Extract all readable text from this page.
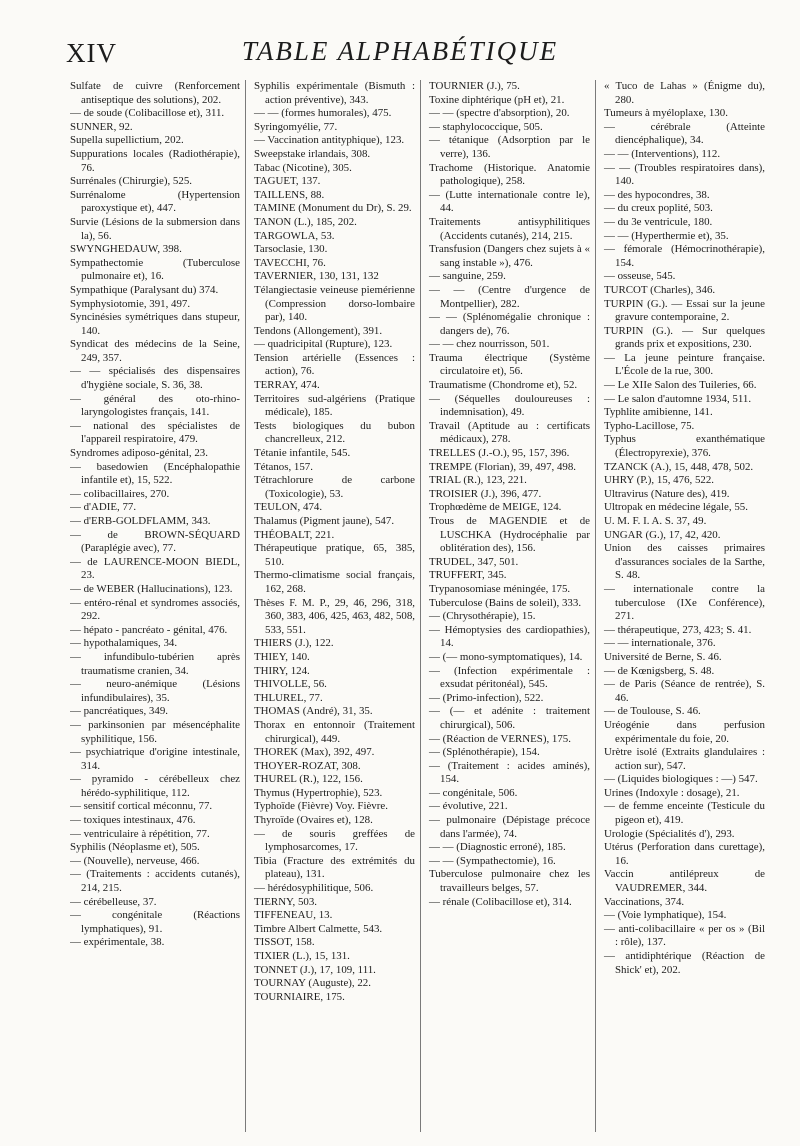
XIV	TABLE ALPHABÉTIQUE

Sulfate de cuivre (Renforcement antiseptique des solutions), 202.

— de soude (Colibacillose et), 311.

SUNNER, 92.

Supella supellictium, 202.

Suppurations locales (Radiothérapie), 76.

Surrénales (Chirurgie), 525.

Surrénalome (Hypertension paroxystique et), 447.

Survie (Lésions de la submersion dans la), 56.

SWYNGHEDAUW, 398.

Sympathectomie (Tuberculose pulmonaire et), 16.

Sympathique (Paralysant du) 374.

Symphysiotomie, 391, 497.

Syncinésies symétriques dans stupeur, 140.

Syndicat des médecins de la Seine, 249, 357.

— — spécialisés des dispensaires d'hygiène sociale, S. 36, 38.

— général des oto-rhino-laryngologistes français, 141.

— national des spécialistes de l'appareil respiratoire, 479.

Syndromes adiposo-génital, 23.

— basedowien (Encéphalopathie infantile et), 15, 522.

— colibacillaires, 270.

— d'ADIE, 77.

— d'ERB-GOLDFLAMM, 343.

— de BROWN-SÉQUARD (Paraplégie avec), 77.

— de LAURENCE-MOON BIEDL, 23.

— de WEBER (Hallucinations), 123.

— entéro-rénal et syndromes associés, 292.

— hépato - pancréato - génital, 476.

— hypothalamiques, 34.

— infundibulo-tubérien après traumatisme cranien, 34.

— neuro-anémique (Lésions infundibulaires), 35.

— pancréatiques, 349.

— parkinsonien par mésencéphalite syphilitique, 156.

— psychiatrique d'origine intestinale, 314.

— pyramido - cérébelleux chez hérédo-syphilitique, 112.

— sensitif cortical méconnu, 77.

— toxiques intestinaux, 476.

— ventriculaire à répétition, 77.

Syphilis (Néoplasme et), 505.

— (Nouvelle), nerveuse, 466.

— (Traitements : accidents cutanés), 214, 215.

— cérébelleuse, 37.

— congénitale (Réactions lymphatiques), 91.

— expérimentale, 38.

Syphilis expérimentale (Bismuth : action préventive), 343.

— — (formes humorales), 475.

Syringomyélie, 77.

— Vaccination antityphique), 123.

Sweepstake irlandais, 308.

Tabac (Nicotine), 305.

TAGUET, 137.

TAILLENS, 88.

TAMINE (Monument du Dr), S. 29.

TANON (L.), 185, 202.

TARGOWLA, 53.

Tarsoclasie, 130.

TAVECCHI, 76.

TAVERNIER, 130, 131, 132

Télangiectasie veineuse piemérienne (Compression dorso-lombaire par), 140.

Tendons (Allongement), 391.

— quadricipital (Rupture), 123.

Tension artérielle (Essences : action), 76.

TERRAY, 474.

Territoires sud-algériens (Pratique médicale), 185.

Tests biologiques du bubon chancrelleux, 212.

Tétanie infantile, 545.

Tétanos, 157.

Tétrachlorure de carbone (Toxicologie), 53.

TEULON, 474.

Thalamus (Pigment jaune), 547.

THÉOBALT, 221.

Thérapeutique pratique, 65, 385, 510.

Thermo-climatisme social français, 162, 268.

Thèses F. M. P., 29, 46, 296, 318, 360, 383, 406, 425, 463, 482, 508, 533, 551.

THIERS (J.), 122.

THIEY, 140.

THIRY, 124.

THIVOLLE, 56.

THLUREL, 77.

THOMAS (André), 31, 35.

Thorax en entonnoir (Traitement chirurgical), 449.

THOREK (Max), 392, 497.

THOYER-ROZAT, 308.

THUREL (R.), 122, 156.

Thymus (Hypertrophie), 523.

Typhoïde (Fièvre) Voy. Fièvre.

Thyroïde (Ovaires et), 128.

— de souris greffées de lymphosarcomes, 17.

Tibia (Fracture des extrémités du plateau), 131.

— hérédosyphilitique, 506.

TIERNY, 503.

TIFFENEAU, 13.

Timbre Albert Calmette, 543.

TISSOT, 158.

TIXIER (L.), 15, 131.

TONNET (J.), 17, 109, 111.

TOURNAY (Auguste), 22.

TOURNIAIRE, 175.

TOURNIER (J.), 75.

Toxine diphtérique (pH et), 21.

— — (spectre d'absorption), 20.

— staphylococcique, 505.

— tétanique (Adsorption par le verre), 136.

Trachome (Historique. Anatomie pathologique), 258.

— (Lutte internationale contre le), 44.

Traitements antisyphilitiques (Accidents cutanés), 214, 215.

Transfusion (Dangers chez sujets à « sang instable »), 476.

— sanguine, 259.

— — (Centre d'urgence de Montpellier), 282.

— — (Splénomégalie chronique : dangers de), 76.

— — chez nourrisson, 501.

Trauma électrique (Système circulatoire et), 56.

Traumatisme (Chondrome et), 52.

— (Séquelles douloureuses : indemnisation), 49.

Travail (Aptitude au : certificats médicaux), 278.

TRELLES (J.-O.), 95, 157, 396.

TREMPE (Florian), 39, 497, 498.

TRIAL (R.), 123, 221.

TROISIER (J.), 396, 477.

Trophœdème de MEIGE, 124.

Trous de MAGENDIE et de LUSCHKA (Hydrocéphalie par oblitération des), 156.

TRUDEL, 347, 501.

TRUFFERT, 345.

Trypanosomiase méningée, 175.

Tuberculose (Bains de soleil), 333.

— (Chrysothérapie), 15.

— Hémoptysies des cardiopathies), 14.

— (— mono-symptomatiques), 14.

— (Infection expérimentale : exsudat péritonéal), 545.

— (Primo-infection), 522.

— (— et adénite : traitement chirurgical), 506.

— (Réaction de VERNES), 175.

— (Splénothérapie), 154.

— (Traitement : acides aminés), 154.

— congénitale, 506.

— évolutive, 221.

— pulmonaire (Dépistage précoce dans l'armée), 74.

— — (Diagnostic erroné), 185.

— — (Sympathectomie), 16.

Tuberculose pulmonaire chez les travailleurs belges, 57.

— rénale (Colibacillose et), 314.

« Tuco de Lahas » (Énigme du), 280.

Tumeurs à myéloplaxe, 130.

— cérébrale (Atteinte diencéphalique), 34.

— — (Interventions), 112.

— — (Troubles respiratoires dans), 140.

— des hypocondres, 38.

— du creux poplité, 503.

— du 3e ventricule, 180.

— — (Hyperthermie et), 35.

— fémorale (Hémocrinothérapie), 154.

— osseuse, 545.

TURCOT (Charles), 346.

TURPIN (G.). — Essai sur la jeune gravure contemporaine, 2.

TURPIN (G.). — Sur quelques grands prix et expositions, 230.

— La jeune peinture française. L'École de la rue, 300.

— Le XIIe Salon des Tuileries, 66.

— Le salon d'automne 1934, 511.

Typhlite amibienne, 141.

Typho-Lacillose, 75.

Typhus exanthématique (Électropyrexie), 376.

TZANCK (A.), 15, 448, 478, 502.

UHRY (P.), 15, 476, 522.

Ultravirus (Nature des), 419.

Ultropak en médecine légale, 55.

U. M. F. I. A. S. 37, 49.

UNGAR (G.), 17, 42, 420.

Union des caisses primaires d'assurances sociales de la Sarthe, S. 48.

— internationale contre la tuberculose (IXe Conférence), 271.

— thérapeutique, 273, 423; S. 41.

— — internationale, 376.

Université de Berne, S. 46.

— de Kœnigsberg, S. 48.

— de Paris (Séance de rentrée), S. 46.

— de Toulouse, S. 46.

Uréogénie dans perfusion expérimentale du foie, 20.

Urètre isolé (Extraits glandulaires : action sur), 547.

— (Liquides biologiques : —) 547.

Urines (Indoxyle : dosage), 21.

— de femme enceinte (Testicule du pigeon et), 419.

Urologie (Spécialités d'), 293.

Utérus (Perforation dans curettage), 16.

Vaccin antilépreux de VAUDREMER, 344.

Vaccinations, 374.

— (Voie lymphatique), 154.

— anti-colibacillaire « per os » (Bil : rôle), 137.

— antidiphtérique (Réaction de Shick' et), 202.
